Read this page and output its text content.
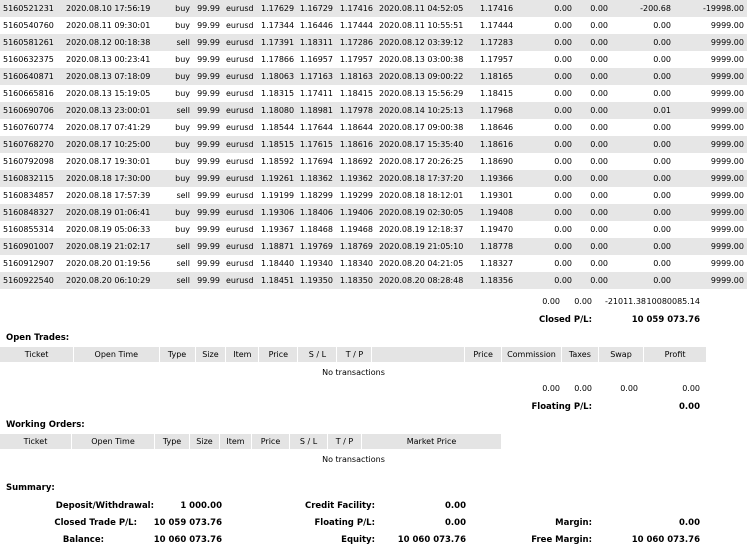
5160521231	2020.08.10 17:56:19	buy	99.99	eurusd	1.17629	1.16729	1.17416	2020.08.11 04:52:05	1.17416	0.00	0.00	-200.68	-19998.00
5160540760	2020.08.11 09:30:01	buy	99.99	eurusd	1.17344	1.16446	1.17444	2020.08.11 10:55:51	1.17444	0.00	0.00	0.00	9999.00
5160581261	2020.08.12 00:18:38	sell	99.99	eurusd	1.17391	1.18311	1.17286	2020.08.12 03:39:12	1.17283	0.00	0.00	0.00	9999.00
5160632375	2020.08.13 00:23:41	buy	99.99	eurusd	1.17866	1.16957	1.17957	2020.08.13 03:00:38	1.17957	0.00	0.00	0.00	9999.00
5160640871	2020.08.13 07:18:09	buy	99.99	eurusd	1.18063	1.17163	1.18163	2020.08.13 09:00:22	1.18165	0.00	0.00	0.00	9999.00
5160665816	2020.08.13 15:19:05	buy	99.99	eurusd	1.18315	1.17411	1.18415	2020.08.13 15:56:29	1.18415	0.00	0.00	0.00	9999.00
5160690706	2020.08.13 23:00:01	sell	99.99	eurusd	1.18080	1.18981	1.17978	2020.08.14 10:25:13	1.17968	0.00	0.00	0.01	9999.00
5160760774	2020.08.17 07:41:29	buy	99.99	eurusd	1.18544	1.17644	1.18644	2020.08.17 09:00:38	1.18646	0.00	0.00	0.00	9999.00
5160768270	2020.08.17 10:25:00	buy	99.99	eurusd	1.18515	1.17615	1.18616	2020.08.17 15:35:40	1.18616	0.00	0.00	0.00	9999.00
5160792098	2020.08.17 19:30:01	buy	99.99	eurusd	1.18592	1.17694	1.18692	2020.08.17 20:26:25	1.18690	0.00	0.00	0.00	9999.00
5160832115	2020.08.18 17:30:00	buy	99.99	eurusd	1.19261	1.18362	1.19362	2020.08.18 17:37:20	1.19366	0.00	0.00	0.00	9999.00
5160834857	2020.08.18 17:57:39	sell	99.99	eurusd	1.19199	1.18299	1.19299	2020.08.18 18:12:01	1.19301	0.00	0.00	0.00	9999.00
5160848327	2020.08.19 01:06:41	buy	99.99	eurusd	1.19306	1.18406	1.19406	2020.08.19 02:30:05	1.19408	0.00	0.00	0.00	9999.00
5160855314	2020.08.19 05:06:33	buy	99.99	eurusd	1.19367	1.18468	1.19468	2020.08.19 12:18:37	1.19470	0.00	0.00	0.00	9999.00
5160901007	2020.08.19 21:02:17	sell	99.99	eurusd	1.18871	1.19769	1.18769	2020.08.19 21:05:10	1.18778	0.00	0.00	0.00	9999.00
5160912907	2020.08.20 01:19:56	sell	99.99	eurusd	1.18440	1.19340	1.18340	2020.08.20 04:21:05	1.18327	0.00	0.00	0.00	9999.00
5160922540	2020.08.20 06:10:29	sell	99.99	eurusd	1.18451	1.19350	1.18350	2020.08.20 08:28:48	1.18356	0.00	0.00	0.00	9999.00
0.00	0.00	-21011.38 10080085.14
Closed P/L:	10 059 073.76
Open Trades:
Ticket	Open Time	Type	Size	Item	Price	S / L	T / P		Price	Commission	Taxes	Swap	Profit
No transactions
0.00	0.00	0.00	0.00
Floating P/L:	0.00
Working Orders:
Ticket	Open Time	Type	Size	Item	Price	S / L	T / P	Market Price
No transactions
Summary:
Deposit/Withdrawal:	1 000.00	Credit Facility:	0.00
Closed Trade P/L:	10 059 073.76	Floating P/L:	0.00	Margin:	0.00
Balance:	10 060 073.76	Equity:	10 060 073.76	Free Margin:	10 060 073.76
